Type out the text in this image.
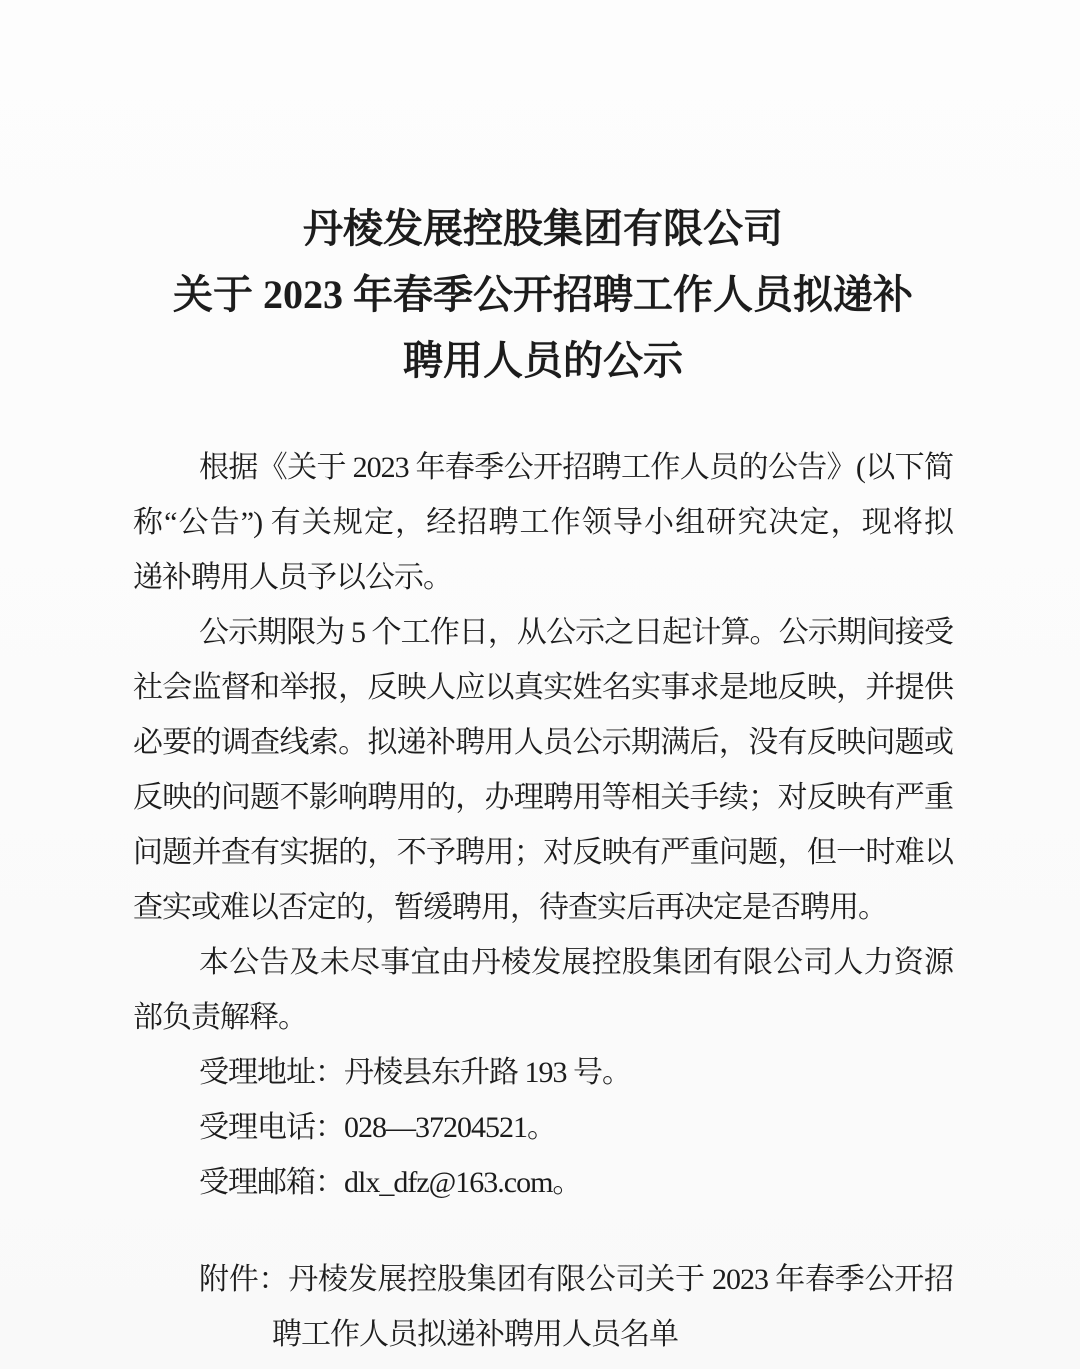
丹棱发展控股集团有限公司
关于 2023 年春季公开招聘工作人员拟递补
聘用人员的公示
根据《关于 2023 年春季公开招聘工作人员的公告》(以下简
称“公告”) 有关规定，经招聘工作领导小组研究决定，现将拟
递补聘用人员予以公示。
公示期限为 5 个工作日，从公示之日起计算。公示期间接受
社会监督和举报，反映人应以真实姓名实事求是地反映，并提供
必要的调查线索。拟递补聘用人员公示期满后，没有反映问题或
反映的问题不影响聘用的，办理聘用等相关手续；对反映有严重
问题并查有实据的，不予聘用；对反映有严重问题，但一时难以
查实或难以否定的，暂缓聘用，待查实后再决定是否聘用。
本公告及未尽事宜由丹棱发展控股集团有限公司人力资源
部负责解释。
受理地址：丹棱县东升路 193 号。
受理电话：028—37204521。
受理邮箱：dlx_dfz@163.com。
附件：丹棱发展控股集团有限公司关于 2023 年春季公开招
聘工作人员拟递补聘用人员名单
